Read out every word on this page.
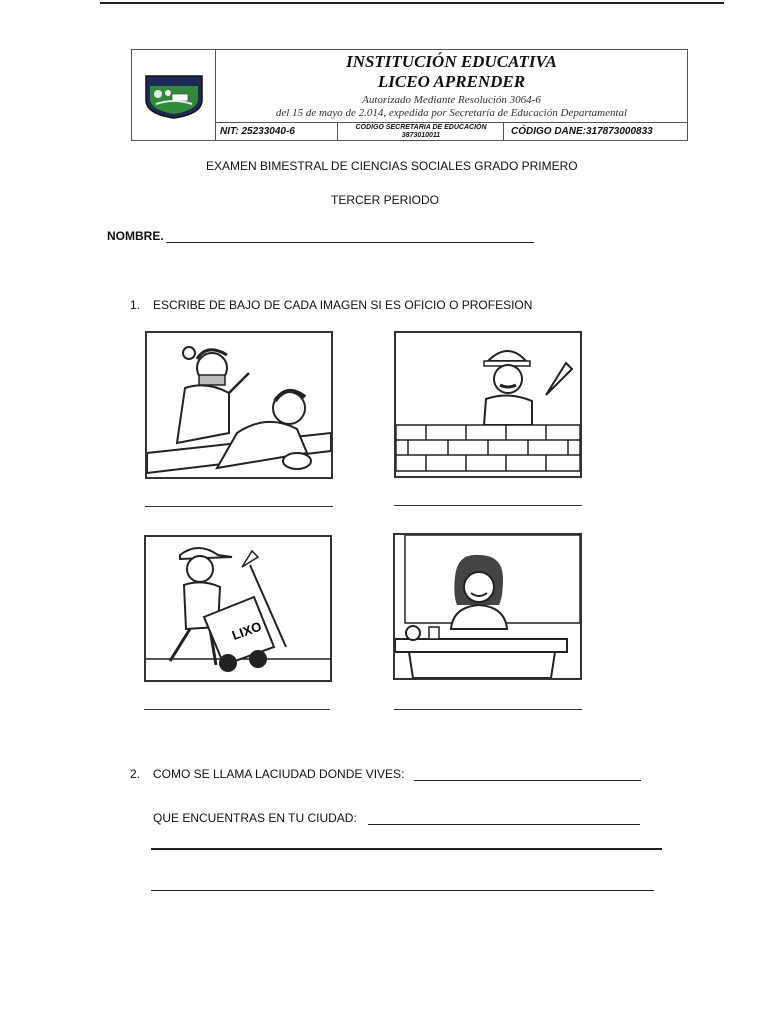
INSTITUCIÓN EDUCATIVA
LICEO APRENDER
Autorizado Mediante Resolución 3064-6
del 15 de mayo de 2.014, expedida por Secretaría de Educación Departamental
NIT: 25233040-6	CÓDIGO SECRETARIA DE EDUCACIÓN
3873010011	CÓDIGO DANE:317873000833
EXAMEN BIMESTRAL DE CIENCIAS SOCIALES GRADO PRIMERO
TERCER PERIODO
NOMBRE.
1. ESCRIBE DE BAJO DE CADA IMAGEN SI ES OFICIO O PROFESION
LIXO
2. COMO SE LLAMA LACIUDAD DONDE VIVES:
QUE ENCUENTRAS EN TU CIUDAD:
